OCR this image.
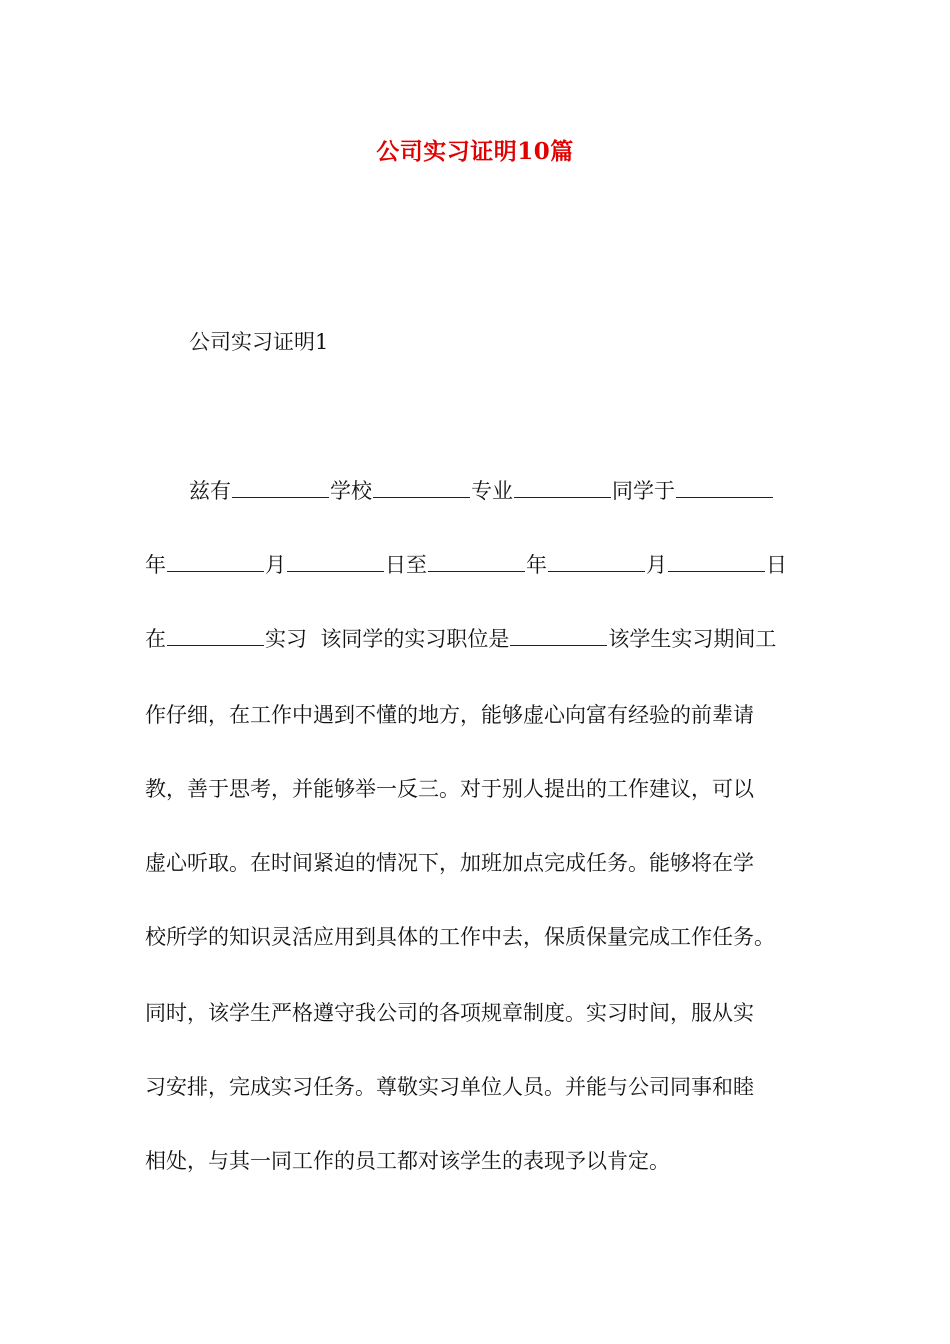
公司实习证明10篇
公司实习证明1
兹有	学校	专业	同学于
年	月	日至	年	月	日
在	实习  该同学的实习职位是	该学生实习期间工
作仔细，在工作中遇到不懂的地方，能够虚心向富有经验的前辈请
教，善于思考，并能够举一反三。对于别人提出的工作建议，可以
虚心听取。在时间紧迫的情况下，加班加点完成任务。能够将在学
校所学的知识灵活应用到具体的工作中去，保质保量完成工作任务。
同时，该学生严格遵守我公司的各项规章制度。实习时间，服从实
习安排，完成实习任务。尊敬实习单位人员。并能与公司同事和睦
相处，与其一同工作的员工都对该学生的表现予以肯定。
